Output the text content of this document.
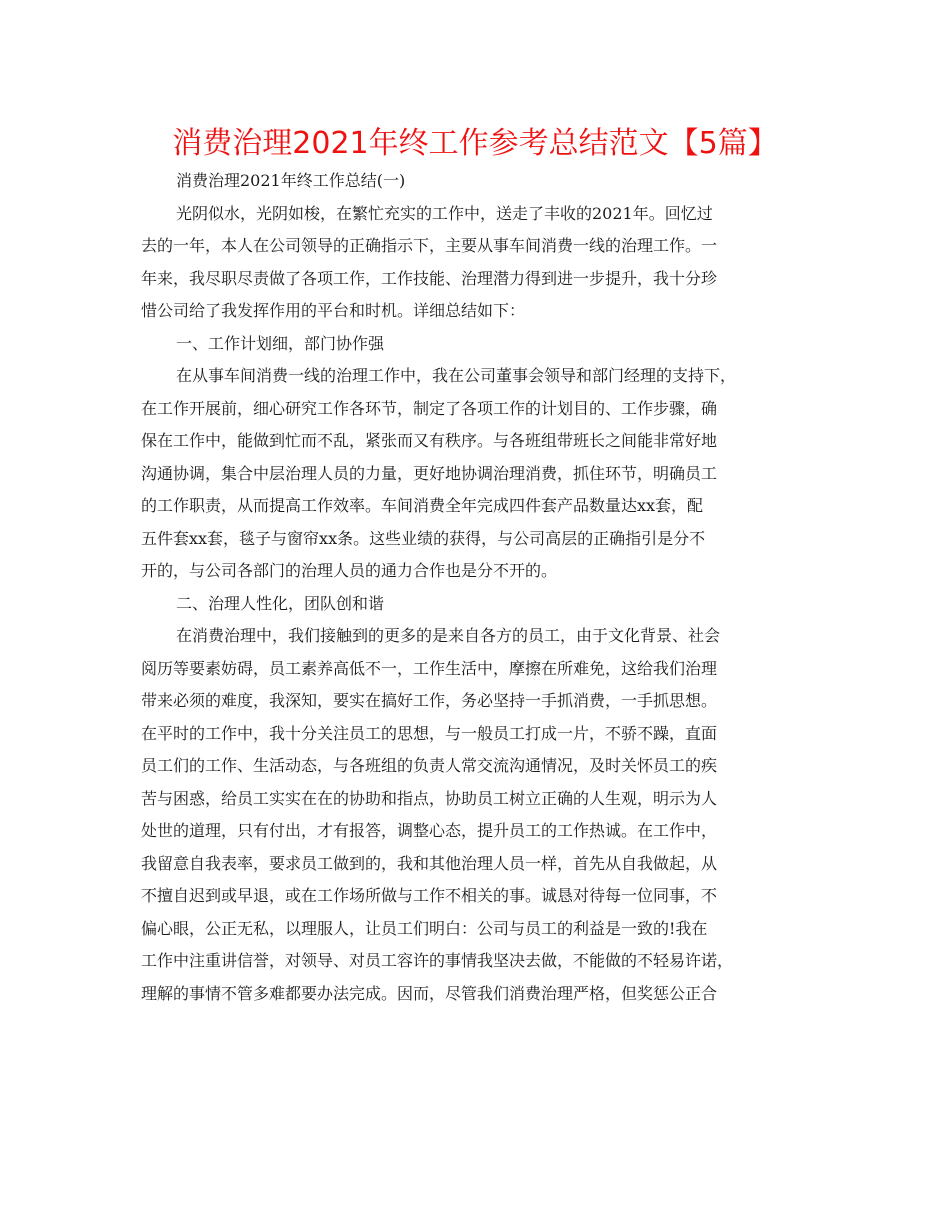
消费治理2021年终工作参考总结范文【5篇】
消费治理2021年终工作总结(一)
光阴似水，光阴如梭，在繁忙充实的工作中，送走了丰收的2021年。回忆过
去的一年，本人在公司领导的正确指示下，主要从事车间消费一线的治理工作。一
年来，我尽职尽责做了各项工作，工作技能、治理潜力得到进一步提升，我十分珍
惜公司给了我发挥作用的平台和时机。详细总结如下：
一、工作计划细，部门协作强
在从事车间消费一线的治理工作中，我在公司董事会领导和部门经理的支持下，
在工作开展前，细心研究工作各环节，制定了各项工作的计划目的、工作步骤，确
保在工作中，能做到忙而不乱，紧张而又有秩序。与各班组带班长之间能非常好地
沟通协调，集合中层治理人员的力量，更好地协调治理消费，抓住环节，明确员工
的工作职责，从而提高工作效率。车间消费全年完成四件套产品数量达xx套，配
五件套xx套，毯子与窗帘xx条。这些业绩的获得，与公司高层的正确指引是分不
开的，与公司各部门的治理人员的通力合作也是分不开的。
二、治理人性化，团队创和谐
在消费治理中，我们接触到的更多的是来自各方的员工，由于文化背景、社会
阅历等要素妨碍，员工素养高低不一，工作生活中，摩擦在所难免，这给我们治理
带来必须的难度，我深知，要实在搞好工作，务必坚持一手抓消费，一手抓思想。
在平时的工作中，我十分关注员工的思想，与一般员工打成一片，不骄不躁，直面
员工们的工作、生活动态，与各班组的负责人常交流沟通情况，及时关怀员工的疾
苦与困惑，给员工实实在在的协助和指点，协助员工树立正确的人生观，明示为人
处世的道理，只有付出，才有报答，调整心态，提升员工的工作热诚。在工作中，
我留意自我表率，要求员工做到的，我和其他治理人员一样，首先从自我做起，从
不擅自迟到或早退，或在工作场所做与工作不相关的事。诚恳对待每一位同事，不
偏心眼，公正无私，以理服人，让员工们明白：公司与员工的利益是一致的!我在
工作中注重讲信誉，对领导、对员工容许的事情我坚决去做，不能做的不轻易许诺，
理解的事情不管多难都要办法完成。因而，尽管我们消费治理严格，但奖惩公正合
